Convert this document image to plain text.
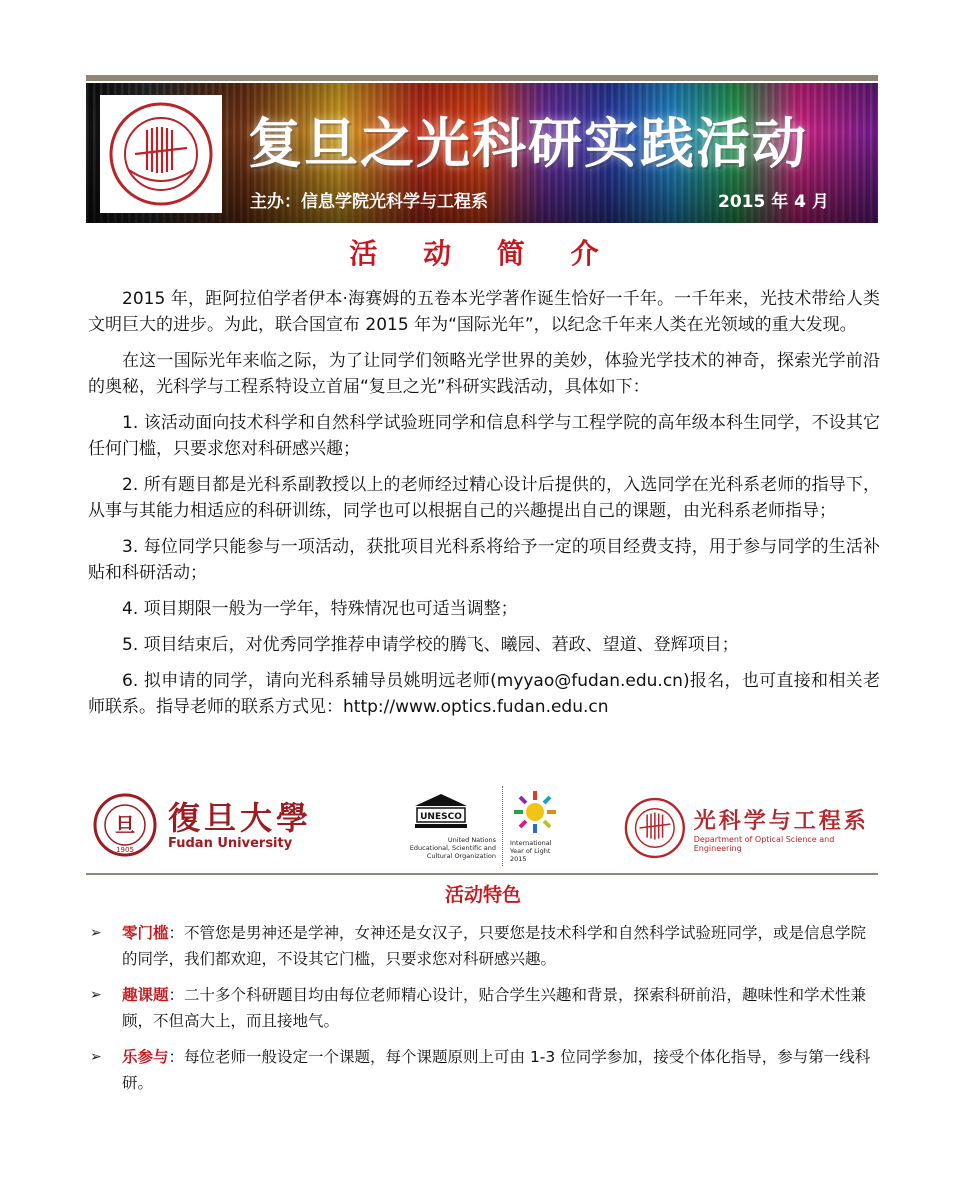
复旦之光科研实践活动
主办：信息学院光科学与工程系	2015 年 4 月
活 动 简 介

2015 年，距阿拉伯学者伊本·海赛姆的五卷本光学著作诞生恰好一千年。一千年来，光技术带给人类文明巨大的进步。为此，联合国宣布 2015 年为“国际光年”，以纪念千年来人类在光领域的重大发现。

在这一国际光年来临之际，为了让同学们领略光学世界的美妙，体验光学技术的神奇，探索光学前沿的奥秘，光科学与工程系特设立首届“复旦之光”科研实践活动，具体如下：

1. 该活动面向技术科学和自然科学试验班同学和信息科学与工程学院的高年级本科生同学，不设其它任何门槛，只要求您对科研感兴趣；

2. 所有题目都是光科系副教授以上的老师经过精心设计后提供的，入选同学在光科系老师的指导下，从事与其能力相适应的科研训练，同学也可以根据自己的兴趣提出自己的课题，由光科系老师指导；

3. 每位同学只能参与一项活动，获批项目光科系将给予一定的项目经费支持，用于参与同学的生活补贴和科研活动；

4. 项目期限一般为一学年，特殊情况也可适当调整；

5. 项目结束后，对优秀同学推荐申请学校的腾飞、曦园、莙政、望道、登辉项目；

6. 拟申请的同学，请向光科系辅导员姚明远老师(myyao@fudan.edu.cn)报名，也可直接和相关老师联系。指导老师的联系方式见：http://www.optics.fudan.edu.cn

旦
1905
復旦大學
Fudan University
UNESCO
United Nations
Educational, Scientific and
Cultural Organization
International
Year of Light
2015
光科学与工程系
Department of Optical Science and Engineering
活动特色
➢ 零门槛：不管您是男神还是学神，女神还是女汉子，只要您是技术科学和自然科学试验班同学，或是信息学院的同学，我们都欢迎，不设其它门槛，只要求您对科研感兴趣。
➢ 趣课题：二十多个科研题目均由每位老师精心设计，贴合学生兴趣和背景，探索科研前沿，趣味性和学术性兼顾，不但高大上，而且接地气。
➢ 乐参与：每位老师一般设定一个课题，每个课题原则上可由 1-3 位同学参加，接受个体化指导，参与第一线科研。
